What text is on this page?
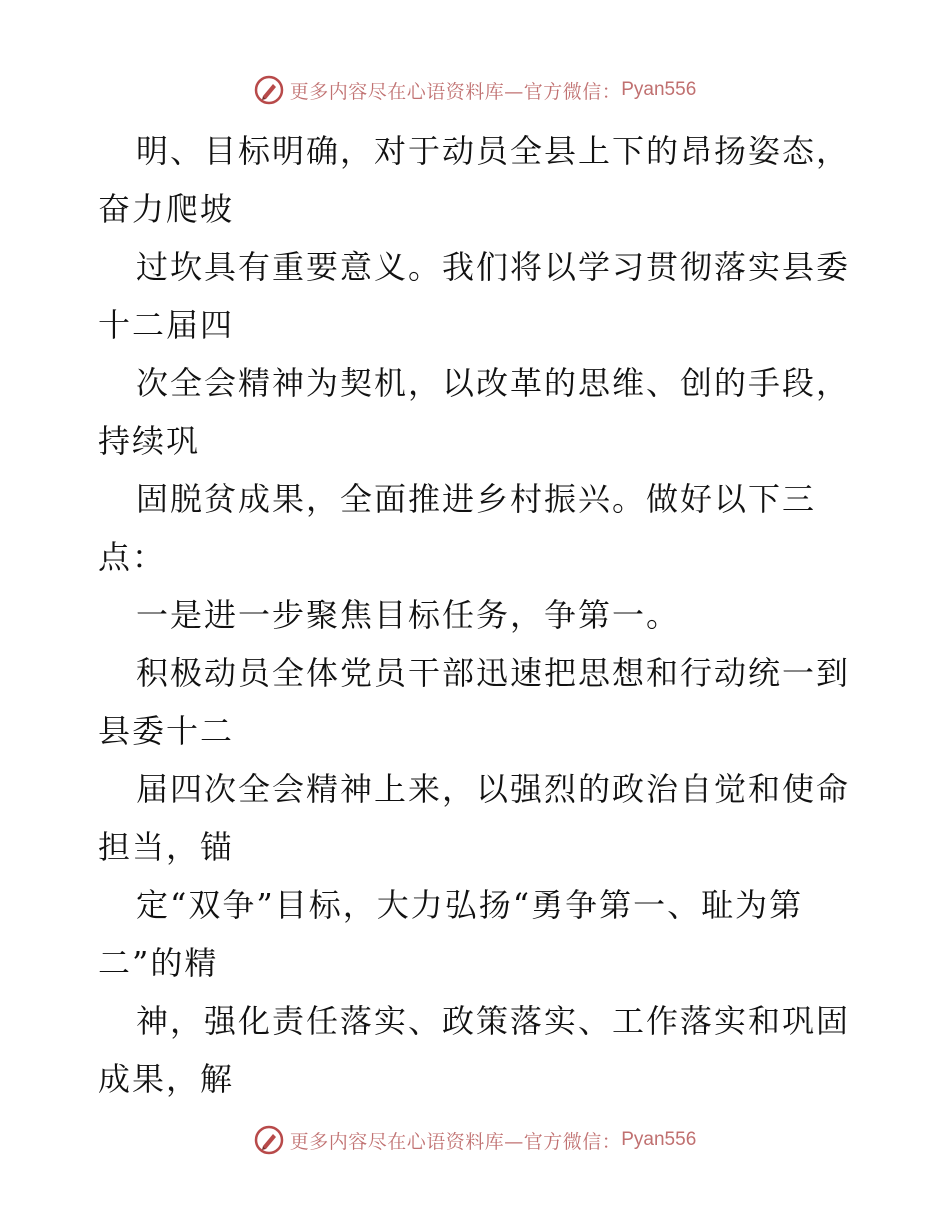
更多内容尽在心语资料库—官方微信： Pyan556
明、目标明确，对于动员全县上下的昂扬姿态，
奋力爬坡
过坎具有重要意义。我们将以学习贯彻落实县委
十二届四
次全会精神为契机，以改革的思维、创的手段，
持续巩
固脱贫成果，全面推进乡村振兴。做好以下三
点：
一是进一步聚焦目标任务，争第一。
积极动员全体党员干部迅速把思想和行动统一到
县委十二
届四次全会精神上来，以强烈的政治自觉和使命
担当，锚
定“双争”目标，大力弘扬“勇争第一、耻为第
二”的精
神，强化责任落实、政策落实、工作落实和巩固
成果，解
更多内容尽在心语资料库—官方微信： Pyan556
